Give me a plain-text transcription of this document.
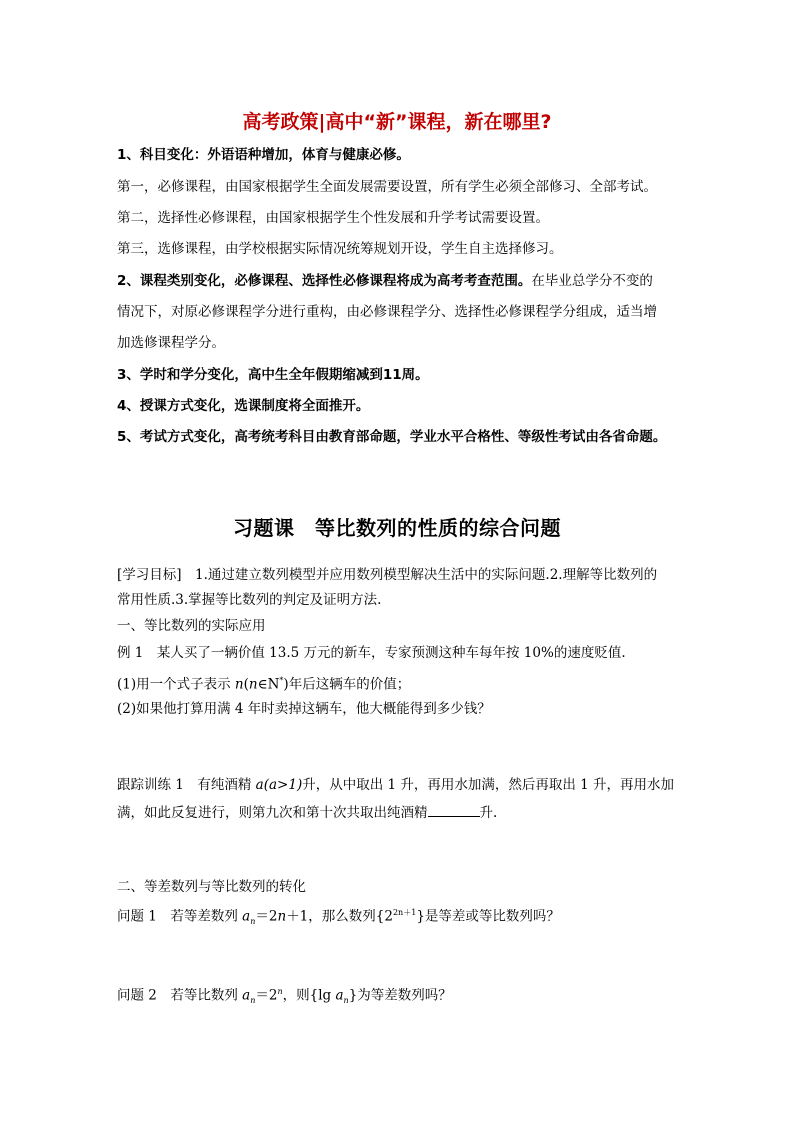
高考政策|高中“新”课程，新在哪里?
1、科目变化：外语语种增加，体育与健康必修。
第一，必修课程，由国家根据学生全面发展需要设置，所有学生必须全部修习、全部考试。
第二，选择性必修课程，由国家根据学生个性发展和升学考试需要设置。
第三，选修课程，由学校根据实际情况统筹规划开设，学生自主选择修习。
2、课程类别变化，必修课程、选择性必修课程将成为高考考查范围。在毕业总学分不变的
情况下，对原必修课程学分进行重构，由必修课程学分、选择性必修课程学分组成，适当增
加选修课程学分。
3、学时和学分变化，高中生全年假期缩减到11周。
4、授课方式变化，选课制度将全面推开。
5、考试方式变化，高考统考科目由教育部命题，学业水平合格性、等级性考试由各省命题。
习题课　等比数列的性质的综合问题
[学习目标]　1.通过建立数列模型并应用数列模型解决生活中的实际问题.2.理解等比数列的
常用性质.3.掌握等比数列的判定及证明方法.
一、等比数列的实际应用
例 1　某人买了一辆价值 13.5 万元的新车，专家预测这种车每年按 10%的速度贬值.
(1)用一个式子表示 n(n∈N*)年后这辆车的价值；
(2)如果他打算用满 4 年时卖掉这辆车，他大概能得到多少钱？
跟踪训练 1　有纯酒精 a(a>1)升，从中取出 1 升，再用水加满，然后再取出 1 升，再用水加
满，如此反复进行，则第九次和第十次共取出纯酒精	升.
二、等差数列与等比数列的转化
问题 1　若等差数列 $a_n=2n+1$，那么数列$\{2^{2n+1}\}$是等差或等比数列吗？
问题 2　若等比数列 $a_n=2^n$，则{lg $a_n$}为等差数列吗？
